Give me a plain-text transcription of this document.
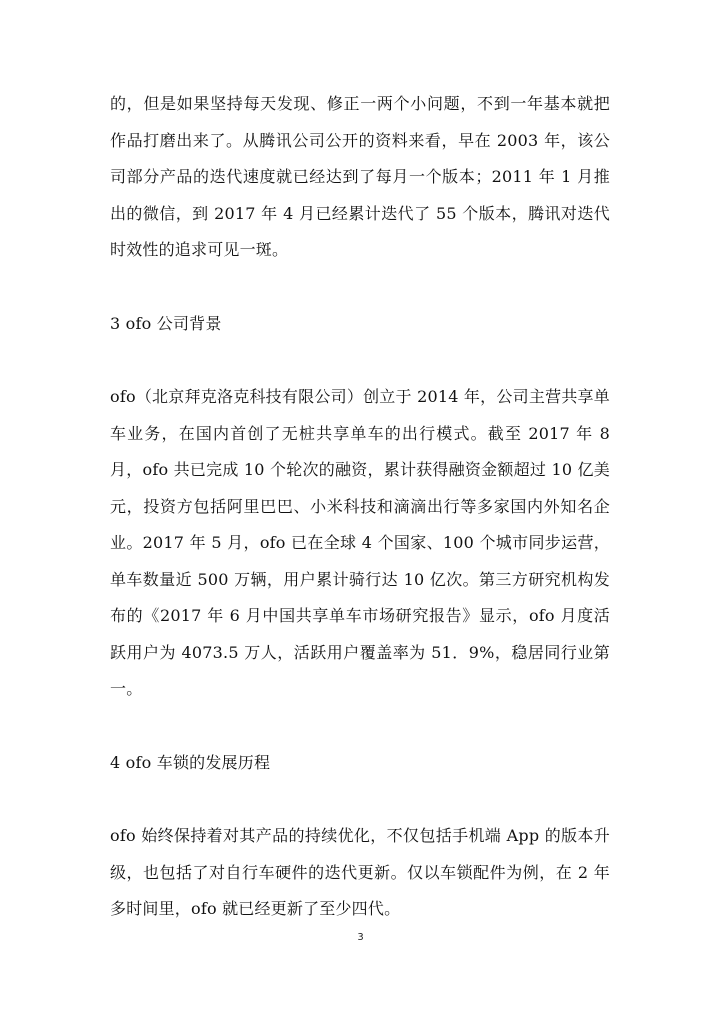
的，但是如果坚持每天发现、修正一两个小问题，不到一年基本就把作品打磨出来了。从腾讯公司公开的资料来看，早在 2003 年，该公司部分产品的迭代速度就已经达到了每月一个版本；2011 年 1 月推出的微信，到 2017 年 4 月已经累计迭代了 55 个版本，腾讯对迭代时效性的追求可见一斑。

3 ofo 公司背景

ofo（北京拜克洛克科技有限公司）创立于 2014 年，公司主营共享单车业务，在国内首创了无桩共享单车的出行模式。截至 2017 年 8 月，ofo 共已完成 10 个轮次的融资，累计获得融资金额超过 10 亿美元，投资方包括阿里巴巴、小米科技和滴滴出行等多家国内外知名企业。2017 年 5 月，ofo 已在全球 4 个国家、100 个城市同步运营，单车数量近 500 万辆，用户累计骑行达 10 亿次。第三方研究机构发布的《2017 年 6 月中国共享单车市场研究报告》显示，ofo 月度活跃用户为 4073.5 万人，活跃用户覆盖率为 51．9%，稳居同行业第一。

4 ofo 车锁的发展历程

ofo 始终保持着对其产品的持续优化，不仅包括手机端 App 的版本升级，也包括了对自行车硬件的迭代更新。仅以车锁配件为例，在 2 年多时间里，ofo 就已经更新了至少四代。

3
